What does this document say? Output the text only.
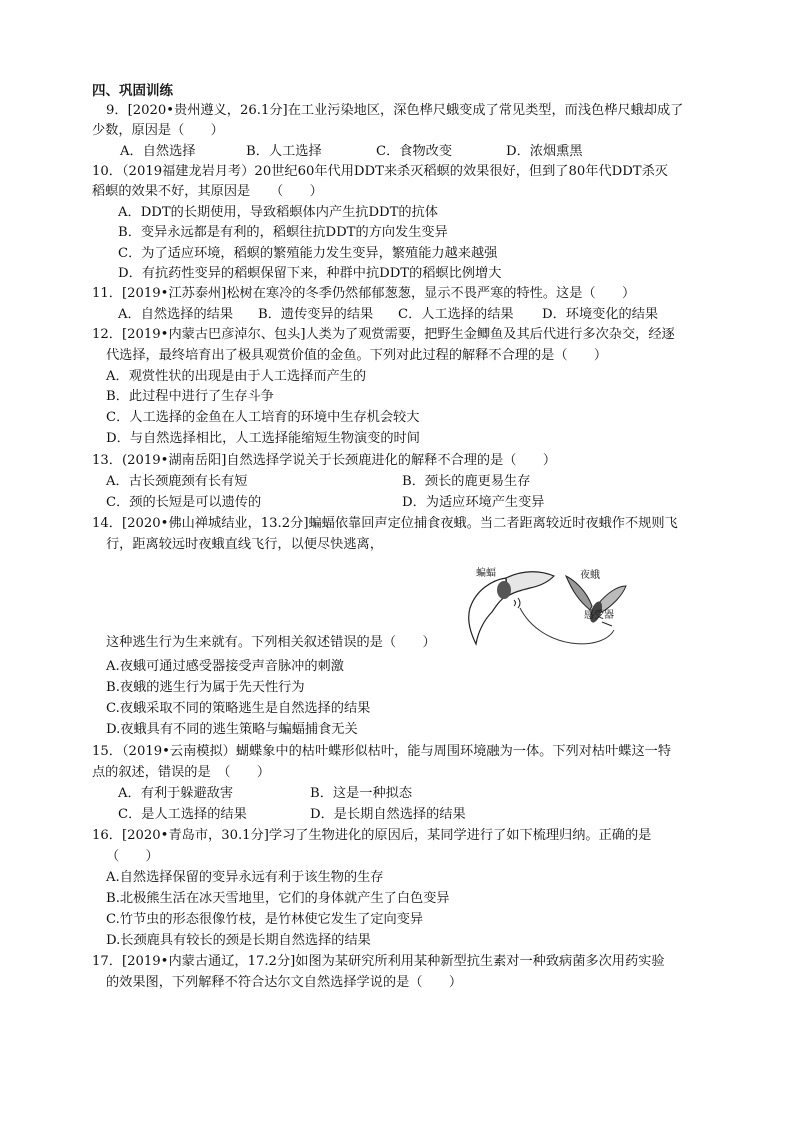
四、巩固训练
9．[2020•贵州遵义，26.1分]在工业污染地区，深色桦尺蛾变成了常见类型，而浅色桦尺蛾却成了
少数，原因是（　　）
A．自然选择	B．人工选择	C．食物改变	D．浓烟熏黑
10．（2019福建龙岩月考）20世纪60年代用DDT来杀灭稻螟的效果很好，但到了80年代DDT杀灭
稻螟的效果不好，其原因是　　（　　）
A．DDT的长期使用，导致稻螟体内产生抗DDT的抗体
B．变异永远都是有利的，稻螟往抗DDT的方向发生变异
C．为了适应环境，稻螟的繁殖能力发生变异，繁殖能力越来越强
D．有抗药性变异的稻螟保留下来，种群中抗DDT的稻螟比例增大
11．[2019•江苏泰州]松树在寒冷的冬季仍然郁郁葱葱，显示不畏严寒的特性。这是（　　）
A．自然选择的结果 B．遗传变异的结果 C．人工选择的结果 D．环境变化的结果
12．[2019•内蒙古巴彦淖尔、包头]人类为了观赏需要，把野生金鲫鱼及其后代进行多次杂交，经逐
代选择，最终培育出了极具观赏价值的金鱼。下列对此过程的解释不合理的是（　　）
A．观赏性状的出现是由于人工选择而产生的
B．此过程中进行了生存斗争
C．人工选择的金鱼在人工培育的环境中生存机会较大
D．与自然选择相比，人工选择能缩短生物演变的时间
13．(2019•湖南岳阳]自然选择学说关于长颈鹿进化的解释不合理的是（　　）
A．古长颈鹿颈有长有短	B．颈长的鹿更易生存
C．颈的长短是可以遗传的	D．为适应环境产生变异
14．[2020•佛山禅城结业，13.2分]蝙蝠依靠回声定位捕食夜蛾。当二者距离较近时夜蛾作不规则飞
行，距离较远时夜蛾直线飞行，以便尽快逃离，
蝙蝠	夜蛾
感受器
这种逃生行为生来就有。下列相关叙述错误的是（　　）
A.夜蛾可通过感受器接受声音脉冲的刺激
B.夜蛾的逃生行为属于先天性行为
C.夜蛾采取不同的策略逃生是自然选择的结果
D.夜蛾具有不同的逃生策略与蝙蝠捕食无关
15．（2019•云南模拟）蝴蝶象中的枯叶蝶形似枯叶，能与周围环境融为一体。下列对枯叶蝶这一特
点的叙述，错误的是　（　　）
A．有利于躲避敌害	B．这是一种拟态
C．是人工选择的结果	D．是长期自然选择的结果
16．[2020•青岛市，30.1分]学习了生物进化的原因后，某同学进行了如下梳理归纳。正确的是
（　　）
A.自然选择保留的变异永远有利于该生物的生存
B.北极熊生活在冰天雪地里，它们的身体就产生了白色变异
C.竹节虫的形态很像竹枝，是竹林使它发生了定向变异
D.长颈鹿具有较长的颈是长期自然选择的结果
17．[2019•内蒙古通辽，17.2分]如图为某研究所利用某种新型抗生素对一种致病菌多次用药实验
的效果图，下列解释不符合达尔文自然选择学说的是（　　）
